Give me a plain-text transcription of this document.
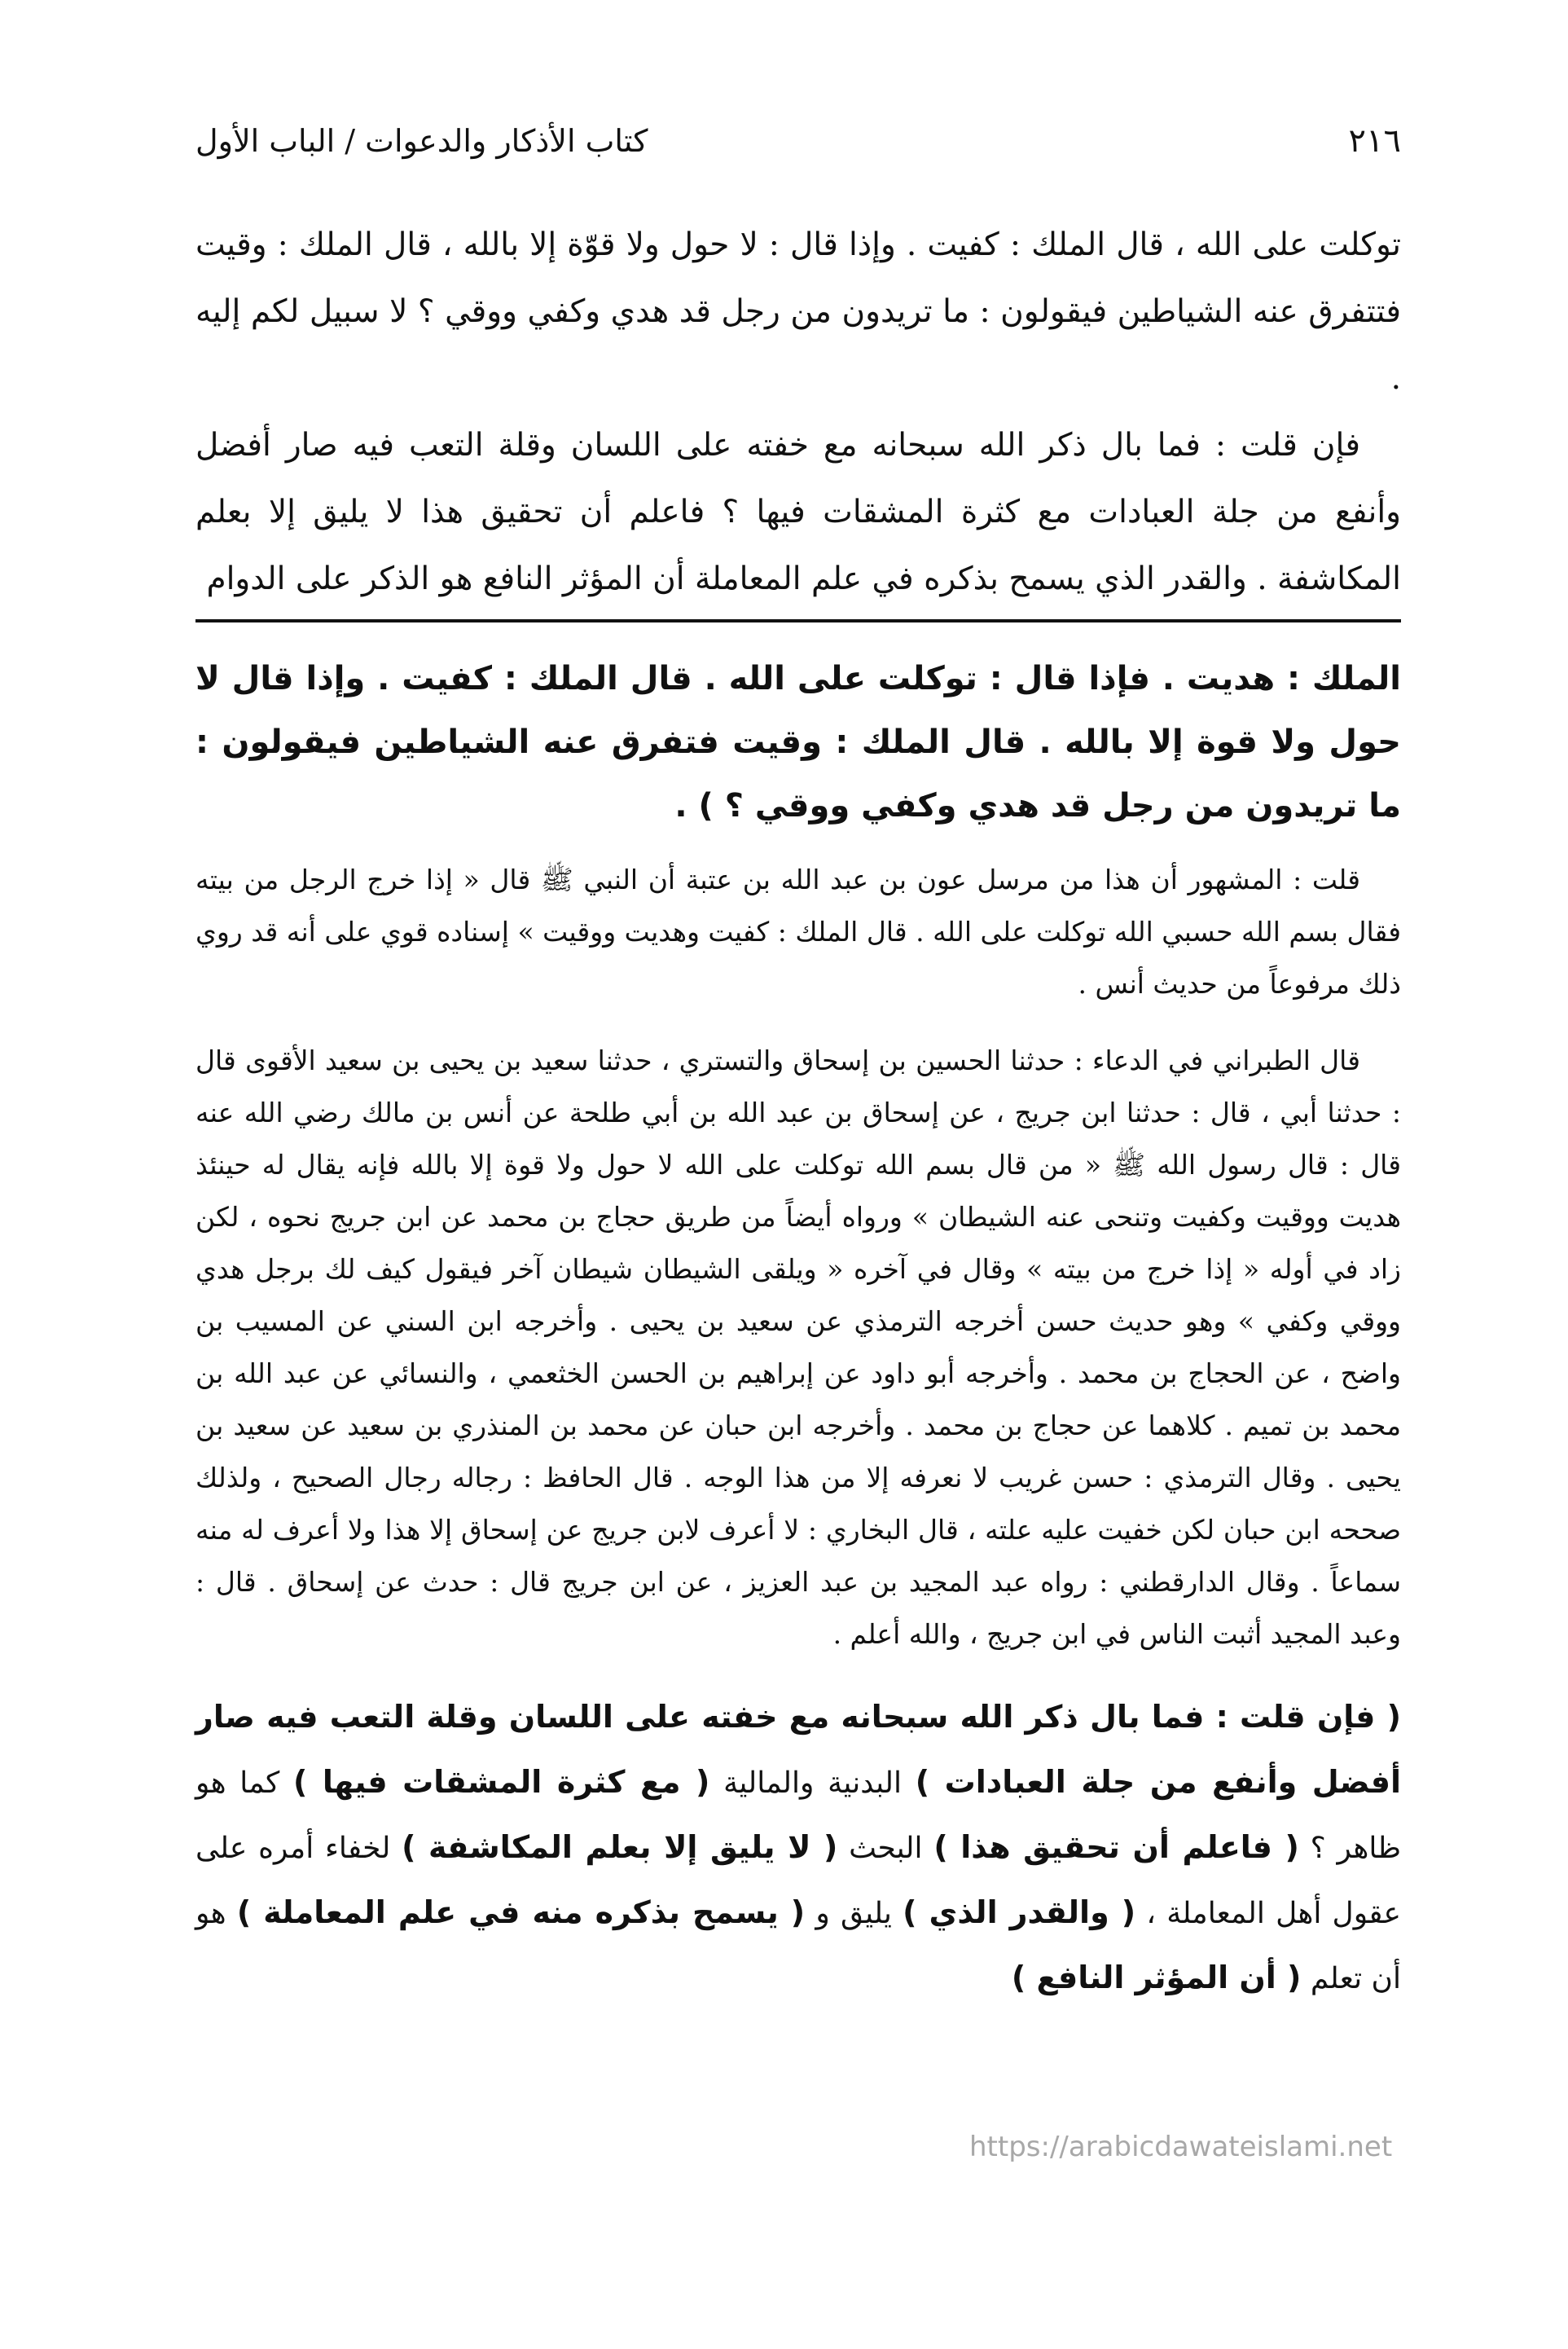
٢١٦
كتاب الأذكار والدعوات / الباب الأول

توكلت على الله ، قال الملك : كفيت . وإذا قال : لا حول ولا قوّة إلا بالله ، قال الملك : وقيت فتتفرق عنه الشياطين فيقولون : ما تريدون من رجل قد هدي وكفي ووقي ؟ لا سبيل لكم إليه .

فإن قلت : فما بال ذكر الله سبحانه مع خفته على اللسان وقلة التعب فيه صار أفضل وأنفع من جلة العبادات مع كثرة المشقات فيها ؟ فاعلم أن تحقيق هذا لا يليق إلا بعلم المكاشفة . والقدر الذي يسمح بذكره في علم المعاملة أن المؤثر النافع هو الذكر على الدوام

الملك : هديت . فإذا قال : توكلت على الله . قال الملك : كفيت . وإذا قال لا حول ولا قوة إلا بالله . قال الملك : وقيت فتفرق عنه الشياطين فيقولون : ما تريدون من رجل قد هدي وكفي ووقي ؟ ) .

قلت : المشهور أن هذا من مرسل عون بن عبد الله بن عتبة أن النبي ﷺ قال « إذا خرج الرجل من بيته فقال بسم الله حسبي الله توكلت على الله . قال الملك : كفيت وهديت ووقيت » إسناده قوي على أنه قد روي ذلك مرفوعاً من حديث أنس .

قال الطبراني في الدعاء : حدثنا الحسين بن إسحاق والتستري ، حدثنا سعيد بن يحيى بن سعيد الأقوى قال : حدثنا أبي ، قال : حدثنا ابن جريج ، عن إسحاق بن عبد الله بن أبي طلحة عن أنس بن مالك رضي الله عنه قال : قال رسول الله ﷺ « من قال بسم الله توكلت على الله لا حول ولا قوة إلا بالله فإنه يقال له حينئذ هديت ووقيت وكفيت وتنحى عنه الشيطان » ورواه أيضاً من طريق حجاج بن محمد عن ابن جريج نحوه ، لكن زاد في أوله « إذا خرج من بيته » وقال في آخره « ويلقى الشيطان شيطان آخر فيقول كيف لك برجل هدي ووقي وكفي » وهو حديث حسن أخرجه الترمذي عن سعيد بن يحيى . وأخرجه ابن السني عن المسيب بن واضح ، عن الحجاج بن محمد . وأخرجه أبو داود عن إبراهيم بن الحسن الخثعمي ، والنسائي عن عبد الله بن محمد بن تميم . كلاهما عن حجاج بن محمد . وأخرجه ابن حبان عن محمد بن المنذري بن سعيد عن سعيد بن يحيى . وقال الترمذي : حسن غريب لا نعرفه إلا من هذا الوجه . قال الحافظ : رجاله رجال الصحيح ، ولذلك صححه ابن حبان لكن خفيت عليه علته ، قال البخاري : لا أعرف لابن جريج عن إسحاق إلا هذا ولا أعرف له منه سماعاً . وقال الدارقطني : رواه عبد المجيد بن عبد العزيز ، عن ابن جريج قال : حدث عن إسحاق . قال : وعبد المجيد أثبت الناس في ابن جريج ، والله أعلم .

( فإن قلت : فما بال ذكر الله سبحانه مع خفته على اللسان وقلة التعب فيه صار أفضل وأنفع من جلة العبادات ) البدنية والمالية ( مع كثرة المشقات فيها ) كما هو ظاهر ؟ ( فاعلم أن تحقيق هذا ) البحث ( لا يليق إلا بعلم المكاشفة ) لخفاء أمره على عقول أهل المعاملة ، ( والقدر الذي ) يليق و ( يسمح بذكره منه في علم المعاملة ) هو أن تعلم ( أن المؤثر النافع )
https://arabicdawateislami.net
